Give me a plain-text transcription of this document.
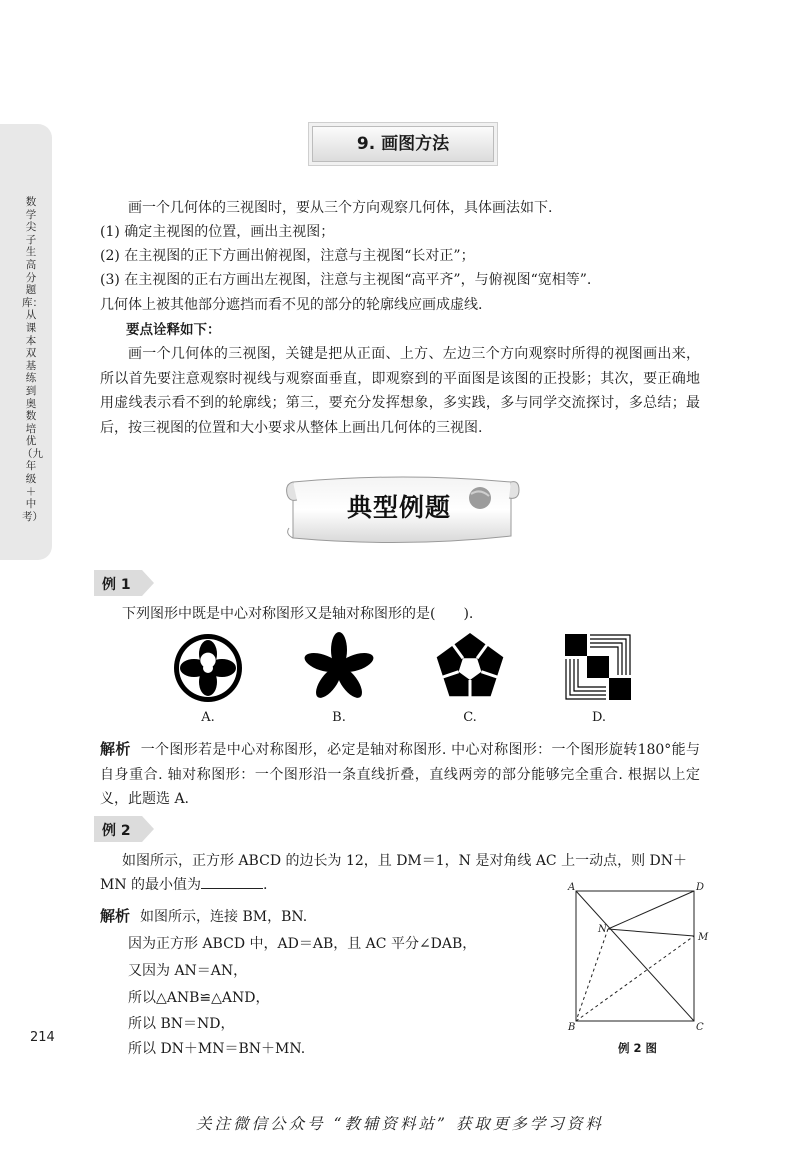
数学尖子生高分题库：从课本双基练到奥数培优（九年级＋中考）
214
9. 画图方法

画一个几何体的三视图时，要从三个方向观察几何体，具体画法如下.

(1) 确定主视图的位置，画出主视图；

(2) 在主视图的正下方画出俯视图，注意与主视图“长对正”；

(3) 在主视图的正右方画出左视图，注意与主视图“高平齐”，与俯视图“宽相等”.

几何体上被其他部分遮挡而看不见的部分的轮廓线应画成虚线.

要点诠释如下：

画一个几何体的三视图，关键是把从正面、上方、左边三个方向观察时所得的视图画出来，所以首先要注意观察时视线与观察面垂直，即观察到的平面图是该图的正投影；其次，要正确地用虚线表示看不到的轮廓线；第三，要充分发挥想象，多实践，多与同学交流探讨，多总结；最后，按三视图的位置和大小要求从整体上画出几何体的三视图.

典型例题
例 1

下列图形中既是中心对称图形又是轴对称图形的是(　　).

A.	B.	C.	D.

解析 一个图形若是中心对称图形，必定是轴对称图形. 中心对称图形：一个图形旋转180°能与自身重合. 轴对称图形：一个图形沿一条直线折叠，直线两旁的部分能够完全重合. 根据以上定义，此题选 A.

例 2

如图所示，正方形 ABCD 的边长为 12，且 DM＝1，N 是对角线 AC 上一动点，则 DN＋

MN 的最小值为	.

解析 如图所示，连接 BM，BN.

因为正方形 ABCD 中，AD＝AB，且 AC 平分∠DAB，

又因为 AN＝AN，

所以△ANB≌△AND，

所以 BN＝ND，

所以 DN＋MN＝BN＋MN.

A	D
N
M
B	C
例 2 图
关注微信公众号 “教辅资料站” 获取更多学习资料
